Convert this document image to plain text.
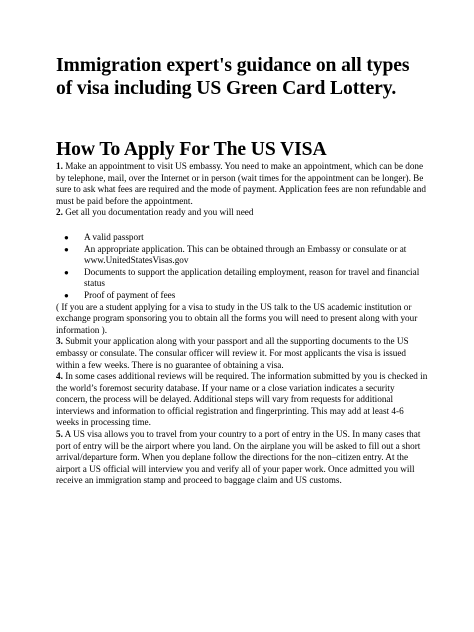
Immigration expert's guidance on all types of visa including US Green Card Lottery.
How To Apply For The US VISA

1. Make an appointment to visit US embassy. You need to make an appointment, which can be done by telephone, mail, over the Internet or in person (wait times for the appointment can be longer). Be sure to ask what fees are required and the mode of payment. Application fees are non refundable and must be paid before the appointment.

2. Get all you documentation ready and you will need

● A valid passport
● An appropriate application. This can be obtained through an Embassy or consulate or at www.UnitedStatesVisas.gov
● Documents to support the application detailing employment, reason for travel and financial status
● Proof of payment of fees

( If you are a student applying for a visa to study in the US talk to the US academic institution or exchange program sponsoring you to obtain all the forms you will need to present along with your information ).

3. Submit your application along with your passport and all the supporting documents to the US embassy or consulate. The consular officer will review it. For most applicants the visa is issued within a few weeks. There is no guarantee of obtaining a visa.

4. In some cases additional reviews will be required. The information submitted by you is checked in the world’s foremost security database. If your name or a close variation indicates a security concern, the process will be delayed. Additional steps will vary from requests for additional interviews and information to official registration and fingerprinting. This may add at least 4-6 weeks in processing time.

5. A US visa allows you to travel from your country to a port of entry in the US. In many cases that port of entry will be the airport where you land. On the airplane you will be asked to fill out a short arrival/departure form. When you deplane follow the directions for the non–citizen entry. At the airport a US official will interview you and verify all of your paper work. Once admitted you will receive an immigration stamp and proceed to baggage claim and US customs.
